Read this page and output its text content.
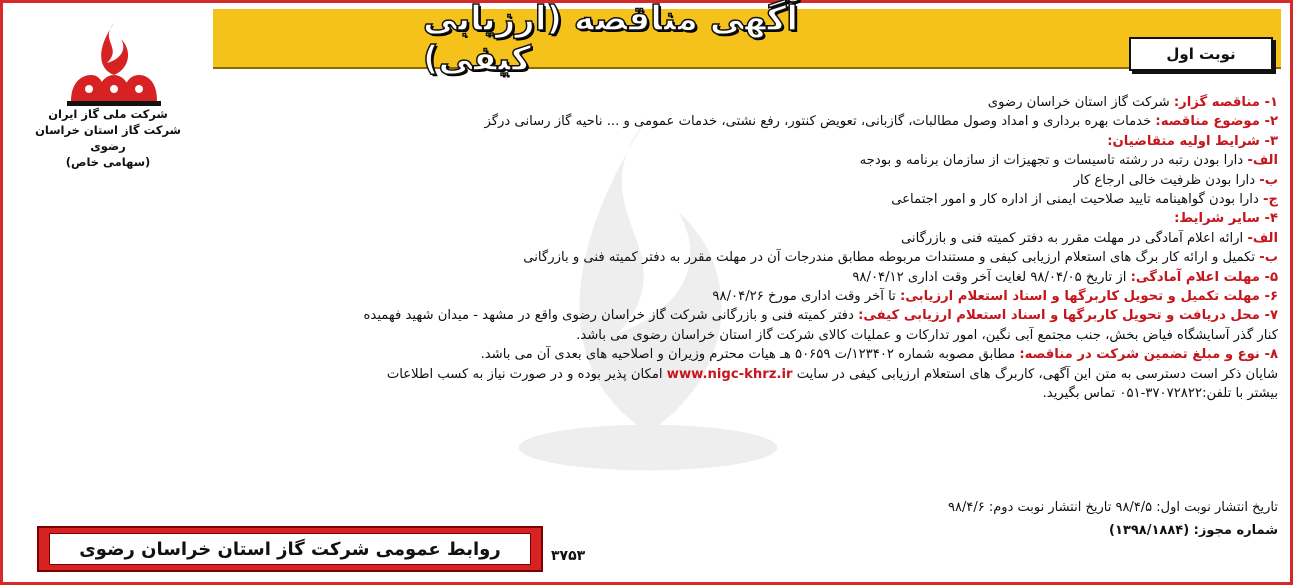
آگهی مناقصه (ارزیابی کیفی)	نوبت اول
شرکت ملی گاز ایران
شرکت گاز استان خراسان رضوی
(سهامی خاص)
۱- مناقصه گزار: شرکت گاز استان خراسان رضوی
۲- موضوع مناقصه: خدمات بهره برداری و امداد وصول مطالبات، گازبانی، تعویض کنتور، رفع نشتی، خدمات عمومی و ... ناحیه گاز رسانی درگز
۳- شرایط اولیه متقاضیان:
الف- دارا بودن رتبه در رشته تاسیسات و تجهیزات از سازمان برنامه و بودجه
ب- دارا بودن ظرفیت خالی ارجاع کار
ج- دارا بودن گواهینامه تایید صلاحیت ایمنی از اداره کار و امور اجتماعی
۴- سایر شرایط:
الف- ارائه اعلام آمادگی در مهلت مقرر به دفتر کمیته فنی و بازرگانی
ب- تکمیل و ارائه کار برگ های استعلام ارزیابی کیفی و مستندات مربوطه مطابق مندرجات آن در مهلت مقرر به دفتر کمیته فنی و بازرگانی
۵- مهلت اعلام آمادگی: از تاریخ ۹۸/۰۴/۰۵ لغایت آخر وقت اداری ۹۸/۰۴/۱۲
۶- مهلت تکمیل و تحویل کاربرگها و اسناد استعلام ارزیابی: تا آخر وقت اداری مورخ ۹۸/۰۴/۲۶
۷- محل دریافت و تحویل کاربرگها و اسناد استعلام ارزیابی کیفی: دفتر کمیته فنی و بازرگانی شرکت گاز خراسان رضوی واقع در مشهد - میدان شهید فهمیده
کنار گذر آسایشگاه فیاض بخش، جنب مجتمع آبی نگین، امور تدارکات و عملیات کالای شرکت گاز استان خراسان رضوی می باشد.
۸- نوع و مبلغ تضمین شرکت در مناقصه: مطابق مصوبه شماره ۱۲۳۴۰۲/ت ۵۰۶۵۹ هـ هیات محترم وزیران و اصلاحیه های بعدی آن می باشد.
شایان ذکر است دسترسی به متن این آگهی، کاربرگ های استعلام ارزیابی کیفی در سایت www.nigc-khrz.ir امکان پذیر بوده و در صورت نیاز به کسب اطلاعات
بیشتر با تلفن:۳۷۰۷۲۸۲۲-۰۵۱ تماس بگیرید.
تاریخ انتشار نوبت اول: ۹۸/۴/۵ تاریخ انتشار نوبت دوم: ۹۸/۴/۶
شماره مجوز: (۱۳۹۸/۱۸۸۴)
۳۷۵۳
روابط عمومی شرکت گاز استان خراسان رضوی
